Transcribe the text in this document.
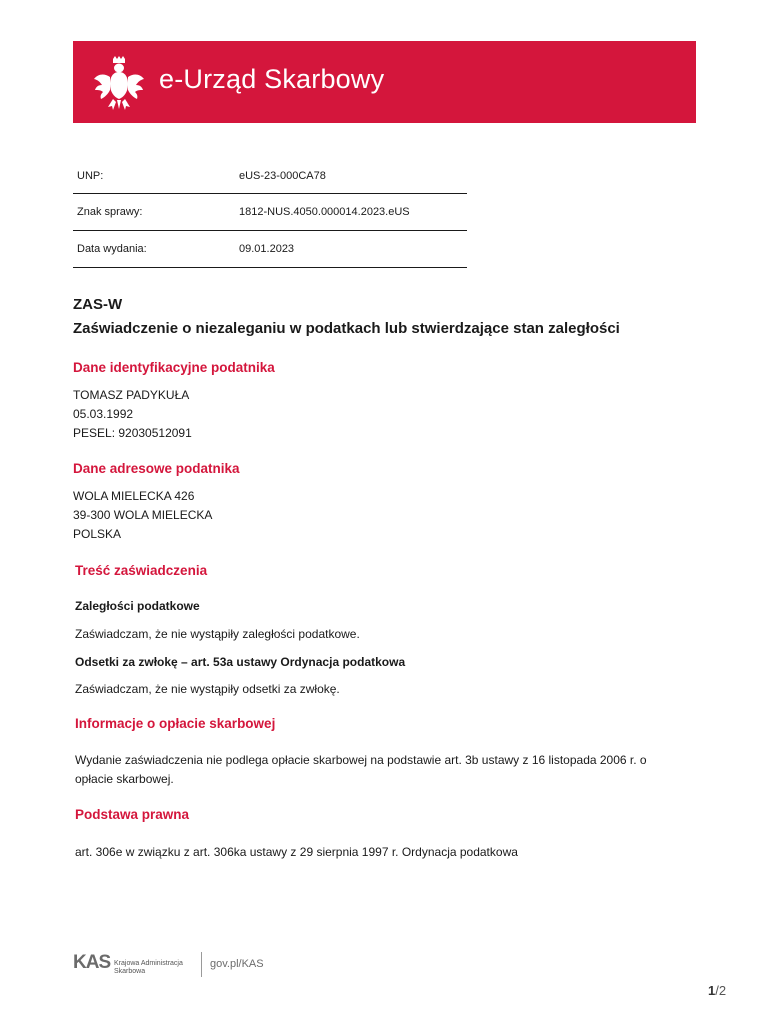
e-Urząd Skarbowy
UNP:	eUS-23-000CA78
Znak sprawy:	1812-NUS.4050.000014.2023.eUS
Data wydania:	09.01.2023
ZAS-W
Zaświadczenie o niezaleganiu w podatkach lub stwierdzające stan zaległości
Dane identyfikacyjne podatnika
TOMASZ PADYKUŁA
05.03.1992
PESEL: 92030512091
Dane adresowe podatnika
WOLA MIELECKA 426
39-300 WOLA MIELECKA
POLSKA
Treść zaświadczenia
Zaległości podatkowe
Zaświadczam, że nie wystąpiły zaległości podatkowe.
Odsetki za zwłokę – art. 53a ustawy Ordynacja podatkowa
Zaświadczam, że nie wystąpiły odsetki za zwłokę.
Informacje o opłacie skarbowej
Wydanie zaświadczenia nie podlega opłacie skarbowej na podstawie art. 3b ustawy z 16 listopada 2006 r. o
opłacie skarbowej.
Podstawa prawna
art. 306e w związku z art. 306ka ustawy z 29 sierpnia 1997 r. Ordynacja podatkowa
KAS Krajowa Administracja
Skarbowa
gov.pl/KAS
1/2
